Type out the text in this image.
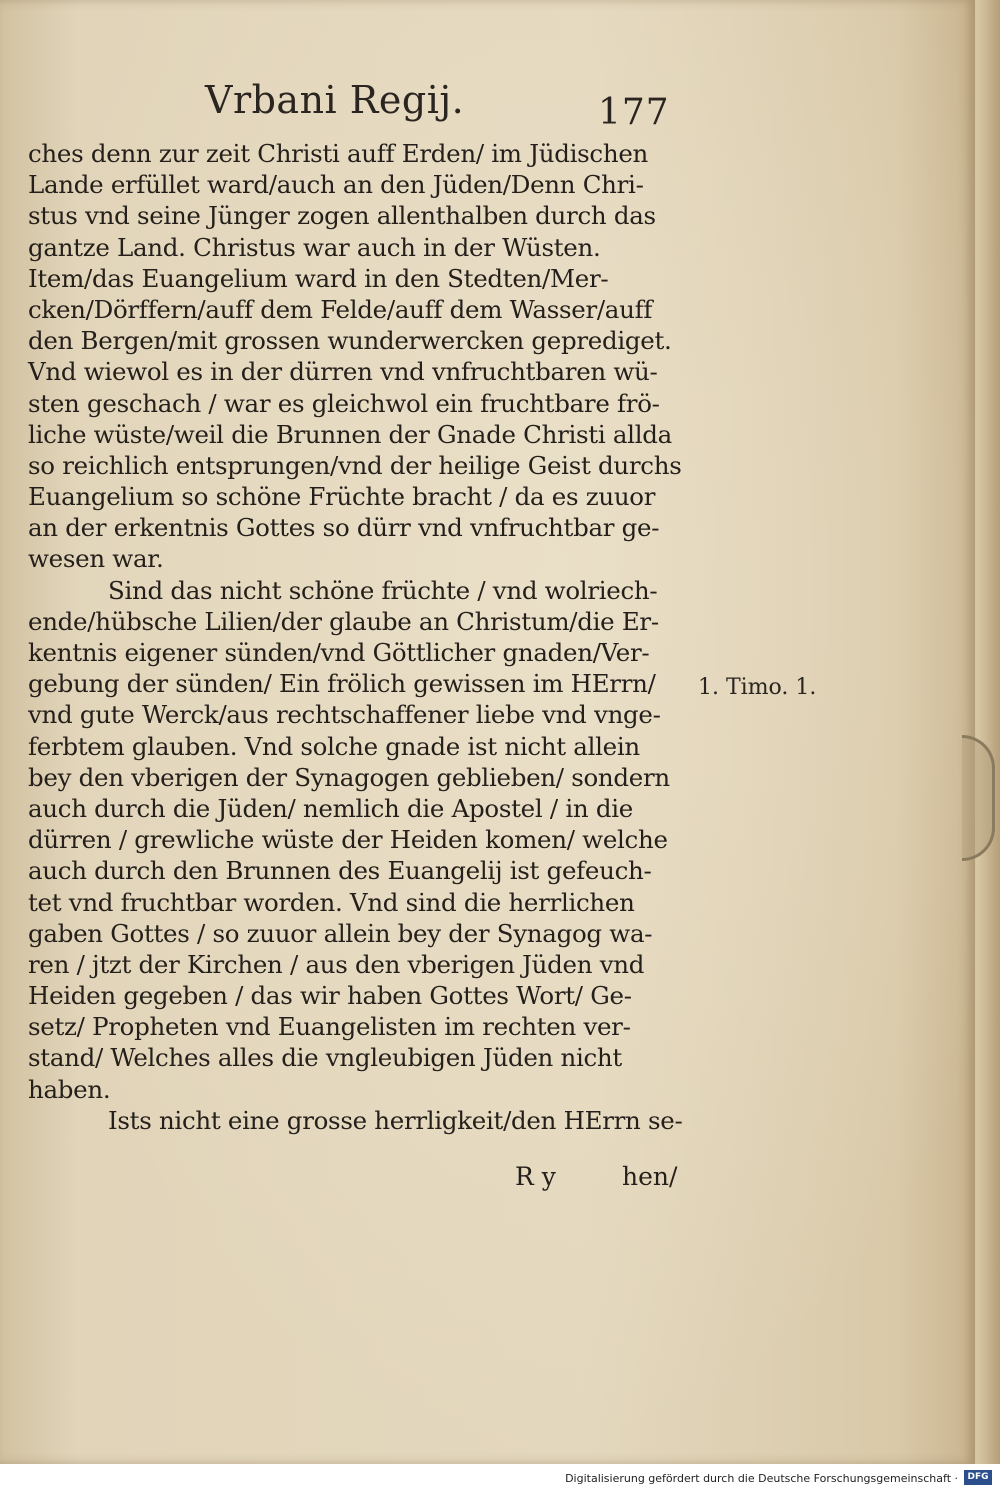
Vrbani Regij.	177
ches denn zur zeit Christi auff Erden/ im Jüdischen
Lande erfüllet ward/auch an den Jüden/Denn Chri-
stus vnd seine Jünger zogen allenthalben durch das
gantze Land. Christus war auch in der Wüsten.
Item/das Euangelium ward in den Stedten/Mer-
cken/Dörffern/auff dem Felde/auff dem Wasser/auff
den Bergen/mit grossen wunderwercken geprediget.
Vnd wiewol es in der dürren vnd vnfruchtbaren wü-
sten geschach / war es gleichwol ein fruchtbare frö-
liche wüste/weil die Brunnen der Gnade Christi allda
so reichlich entsprungen/vnd der heilige Geist durchs
Euangelium so schöne Früchte bracht / da es zuuor
an der erkentnis Gottes so dürr vnd vnfruchtbar ge-
wesen war.
Sind das nicht schöne früchte / vnd wolriech-
ende/hübsche Lilien/der glaube an Christum/die Er-
kentnis eigener sünden/vnd Göttlicher gnaden/Ver-
gebung der sünden/ Ein frölich gewissen im HErrn/
vnd gute Werck/aus rechtschaffener liebe vnd vnge-
ferbtem glauben. Vnd solche gnade ist nicht allein
bey den vberigen der Synagogen geblieben/ sondern
auch durch die Jüden/ nemlich die Apostel / in die
dürren / grewliche wüste der Heiden komen/ welche
auch durch den Brunnen des Euangelij ist gefeuch-
tet vnd fruchtbar worden. Vnd sind die herrlichen
gaben Gottes / so zuuor allein bey der Synagog wa-
ren / jtzt der Kirchen / aus den vberigen Jüden vnd
Heiden gegeben / das wir haben Gottes Wort/ Ge-
setz/ Propheten vnd Euangelisten im rechten ver-
stand/ Welches alles die vngleubigen Jüden nicht
haben.
Ists nicht eine grosse herrligkeit/den HErrn se-
1. Timo. 1.
R y	hen/
Digitalisierung gefördert durch die Deutsche Forschungsgemeinschaft ·	DFG
